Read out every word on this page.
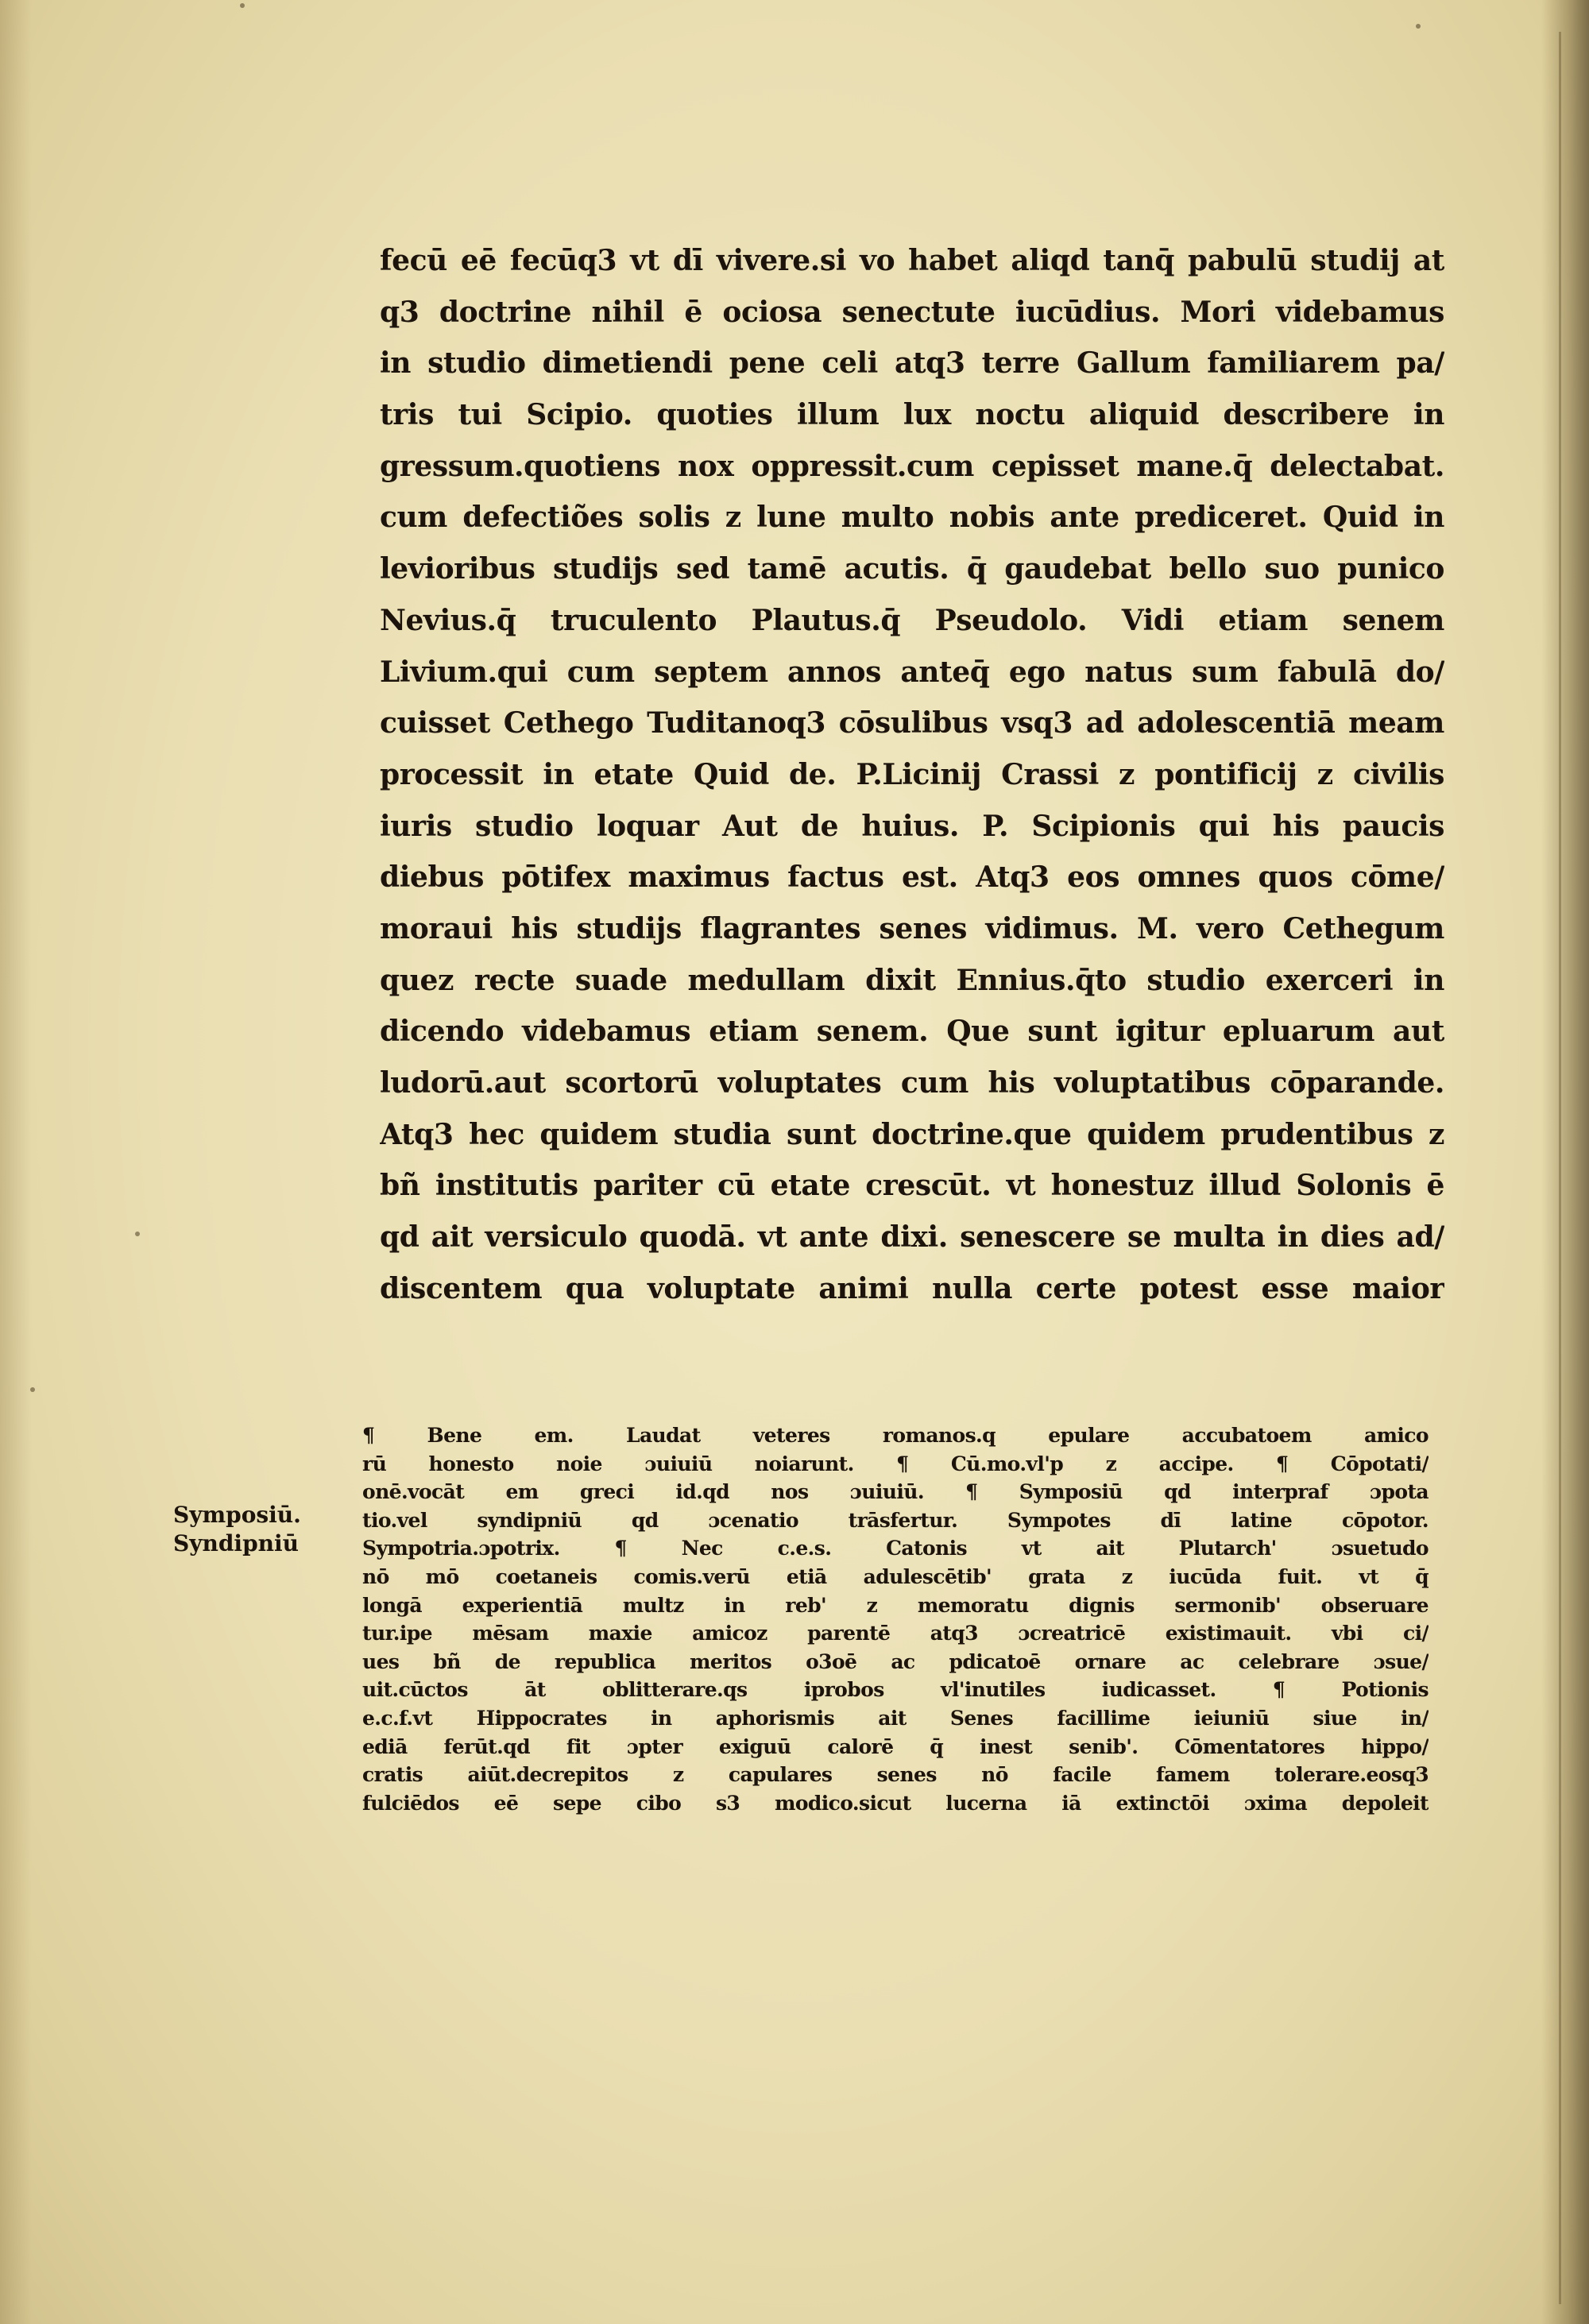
fecū eē fecūq3 vt dī vivere.si vo habet aliqd tanq̄ pabulū studij at
q3 doctrine nihil ē ociosa senectute iucūdius. Mori videbamus
in studio dimetiendi pene celi atq3 terre Gallum familiarem pa/
tris tui Scipio. quoties illum lux noctu aliquid describere in
gressum.quotiens nox oppressit.cum cepisset mane.q̄ delectabat.
cum defectiões solis z lune multo nobis ante prediceret. Quid in
levioribus studijs sed tamē acutis. q̄ gaudebat bello suo punico
Nevius.q̄ truculento Plautus.q̄ Pseudolo. Vidi etiam senem
Livium.qui cum septem annos anteq̄ ego natus sum fabulā do/
cuisset Cethego Tuditanoq3 cōsulibus vsq3 ad adolescentiā meam
processit in etate Quid de. P.Licinij Crassi z pontificij z civilis
iuris studio loquar Aut de huius. P. Scipionis qui his paucis
diebus pōtifex maximus factus est. Atq3 eos omnes quos cōme/
moraui his studijs flagrantes senes vidimus. M. vero Cethegum
quez recte suade medullam dixit Ennius.q̄to studio exerceri in
dicendo videbamus etiam senem. Que sunt igitur epluarum aut
ludorū.aut scortorū voluptates cum his voluptatibus cōparande.
Atq3 hec quidem studia sunt doctrine.que quidem prudentibus z
bñ institutis pariter cū etate crescūt. vt honestuz illud Solonis ē
qd ait versiculo quodā. vt ante dixi. senescere se multa in dies ad/
discentem qua voluptate animi nulla certe potest esse maior
Symposiū.
Syndipniū
¶ Bene em. Laudat veteres romanos.q epulare accubatoem amico
rū honesto noie ɔuiuiū noiarunt. ¶ Cū.mo.vl'p z accipe. ¶ Cōpotati/
onē.vocāt em greci id.qd nos ɔuiuiū. ¶ Symposiū qd interpraf ɔpota
tio.vel syndipniū qd ɔcenatio trāsfertur. Sympotes dī latine cōpotor.
Sympotria.ɔpotrix. ¶ Nec c.e.s. Catonis vt ait Plutarch' ɔsuetudo
nō mō coetaneis comis.verū etiā adulescētib' grata z iucūda fuit. vt q̄
longā experientiā multz in reb' z memoratu dignis sermonib' obseruare
tur.ipe mēsam maxie amicoz parentē atq3 ɔcreatricē existimauit. vbi ci/
ues bñ de republica meritos o3oē ac pdicatoē ornare ac celebrare ɔsue/
uit.cūctos āt oblitterare.qs iprobos vl'inutiles iudicasset. ¶ Potionis
e.c.f.vt Hippocrates in aphorismis ait Senes facillime ieiuniū siue in/
ediā ferūt.qd fit ɔpter exiguū calorē q̄ inest senib'. Cōmentatores hippo/
cratis aiūt.decrepitos z capulares senes nō facile famem tolerare.eosq3
fulciēdos eē sepe cibo s3 modico.sicut lucerna iā extinctōi ɔxima depoleit
